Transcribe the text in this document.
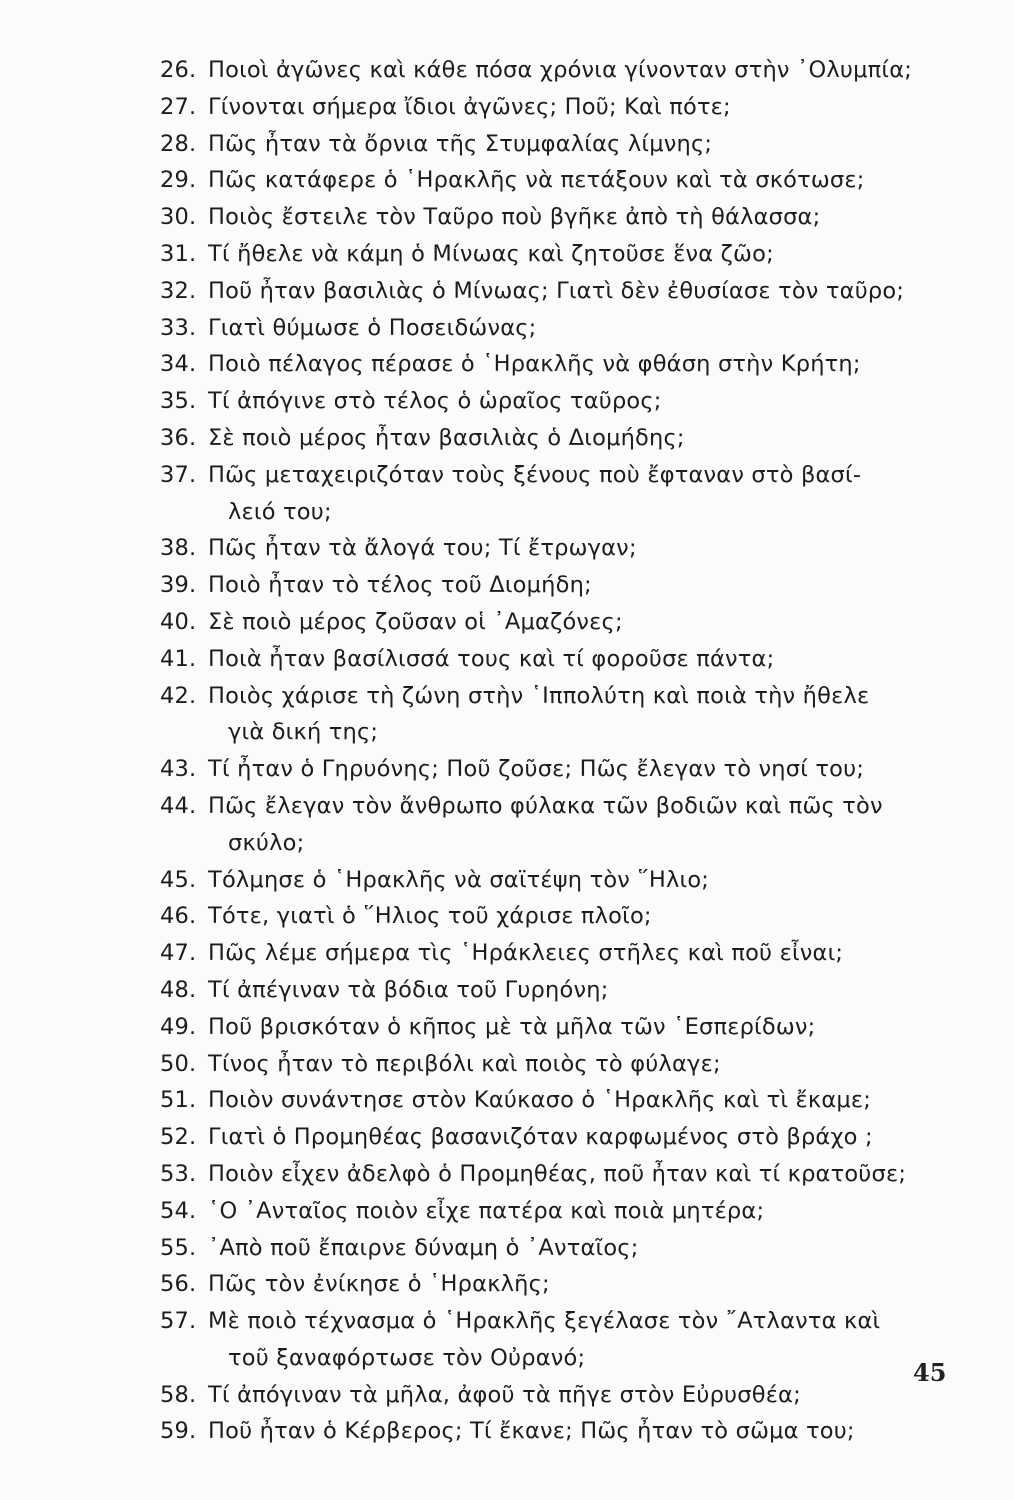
26. Ποιοὶ ἀγῶνες καὶ κάθε πόσα χρόνια γίνονταν στὴν ᾿Ολυμπία;
27. Γίνονται σήμερα ἴδιοι ἀγῶνες; Ποῦ; Καὶ πότε;
28. Πῶς ἦταν τὰ ὄρνια τῆς Στυμφαλίας λίμνης;
29. Πῶς κατάφερε ὁ ῾Ηρακλῆς νὰ πετάξουν καὶ τὰ σκότωσε;
30. Ποιὸς ἔστειλε τὸν Ταῦρο ποὺ βγῆκε ἀπὸ τὴ θάλασσα;
31. Τί ἤθελε νὰ κάμη ὁ Μίνωας καὶ ζητοῦσε ἕνα ζῶο;
32. Ποῦ ἦταν βασιλιὰς ὁ Μίνωας; Γιατὶ δὲν ἐθυσίασε τὸν ταῦρο;
33. Γιατὶ θύμωσε ὁ Ποσειδώνας;
34. Ποιὸ πέλαγος πέρασε ὁ ῾Ηρακλῆς νὰ φθάση στὴν Κρήτη;
35. Τί ἀπόγινε στὸ τέλος ὁ ὡραῖος ταῦρος;
36. Σὲ ποιὸ μέρος ἦταν βασιλιὰς ὁ Διομήδης;
37. Πῶς μεταχειριζόταν τοὺς ξένους ποὺ ἔφταναν στὸ βασί-
λειό του;
38. Πῶς ἦταν τὰ ἄλογά του; Τί ἔτρωγαν;
39. Ποιὸ ἦταν τὸ τέλος τοῦ Διομήδη;
40. Σὲ ποιὸ μέρος ζοῦσαν οἱ ᾿Αμαζόνες;
41. Ποιὰ ἦταν βασίλισσά τους καὶ τί φοροῦσε πάντα;
42. Ποιὸς χάρισε τὴ ζώνη στὴν ῾Ιππολύτη καὶ ποιὰ τὴν ἤθελε
γιὰ δική της;
43. Τί ἦταν ὁ Γηρυόνης; Ποῦ ζοῦσε; Πῶς ἔλεγαν τὸ νησί του;
44. Πῶς ἔλεγαν τὸν ἄνθρωπο φύλακα τῶν βοδιῶν καὶ πῶς τὸν
σκύλο;
45. Τόλμησε ὁ ῾Ηρακλῆς νὰ σαϊτέψη τὸν ῞Ηλιο;
46. Τότε, γιατὶ ὁ ῞Ηλιος τοῦ χάρισε πλοῖο;
47. Πῶς λέμε σήμερα τὶς ῾Ηράκλειες στῆλες καὶ ποῦ εἶναι;
48. Τί ἀπέγιναν τὰ βόδια τοῦ Γυρηόνη;
49. Ποῦ βρισκόταν ὁ κῆπος μὲ τὰ μῆλα τῶν ῾Εσπερίδων;
50. Τίνος ἦταν τὸ περιβόλι καὶ ποιὸς τὸ φύλαγε;
51. Ποιὸν συνάντησε στὸν Καύκασο ὁ ῾Ηρακλῆς καὶ τὶ ἔκαμε;
52. Γιατὶ ὁ Προμηθέας βασανιζόταν καρφωμένος στὸ βράχο ;
53. Ποιὸν εἶχεν ἀδελφὸ ὁ Προμηθέας, ποῦ ἦταν καὶ τί κρατοῦσε;
54. ῾Ο ᾿Ανταῖος ποιὸν εἶχε πατέρα καὶ ποιὰ μητέρα;
55. ᾿Απὸ ποῦ ἔπαιρνε δύναμη ὁ ᾿Ανταῖος;
56. Πῶς τὸν ἐνίκησε ὁ ῾Ηρακλῆς;
57. Μὲ ποιὸ τέχνασμα ὁ ῾Ηρακλῆς ξεγέλασε τὸν ῎Ατλαντα καὶ
τοῦ ξαναφόρτωσε τὸν Οὐρανό;
58. Τί ἀπόγιναν τὰ μῆλα, ἀφοῦ τὰ πῆγε στὸν Εὐρυσθέα;
59. Ποῦ ἦταν ὁ Κέρβερος; Τί ἔκανε; Πῶς ἦταν τὸ σῶμα του;
45
